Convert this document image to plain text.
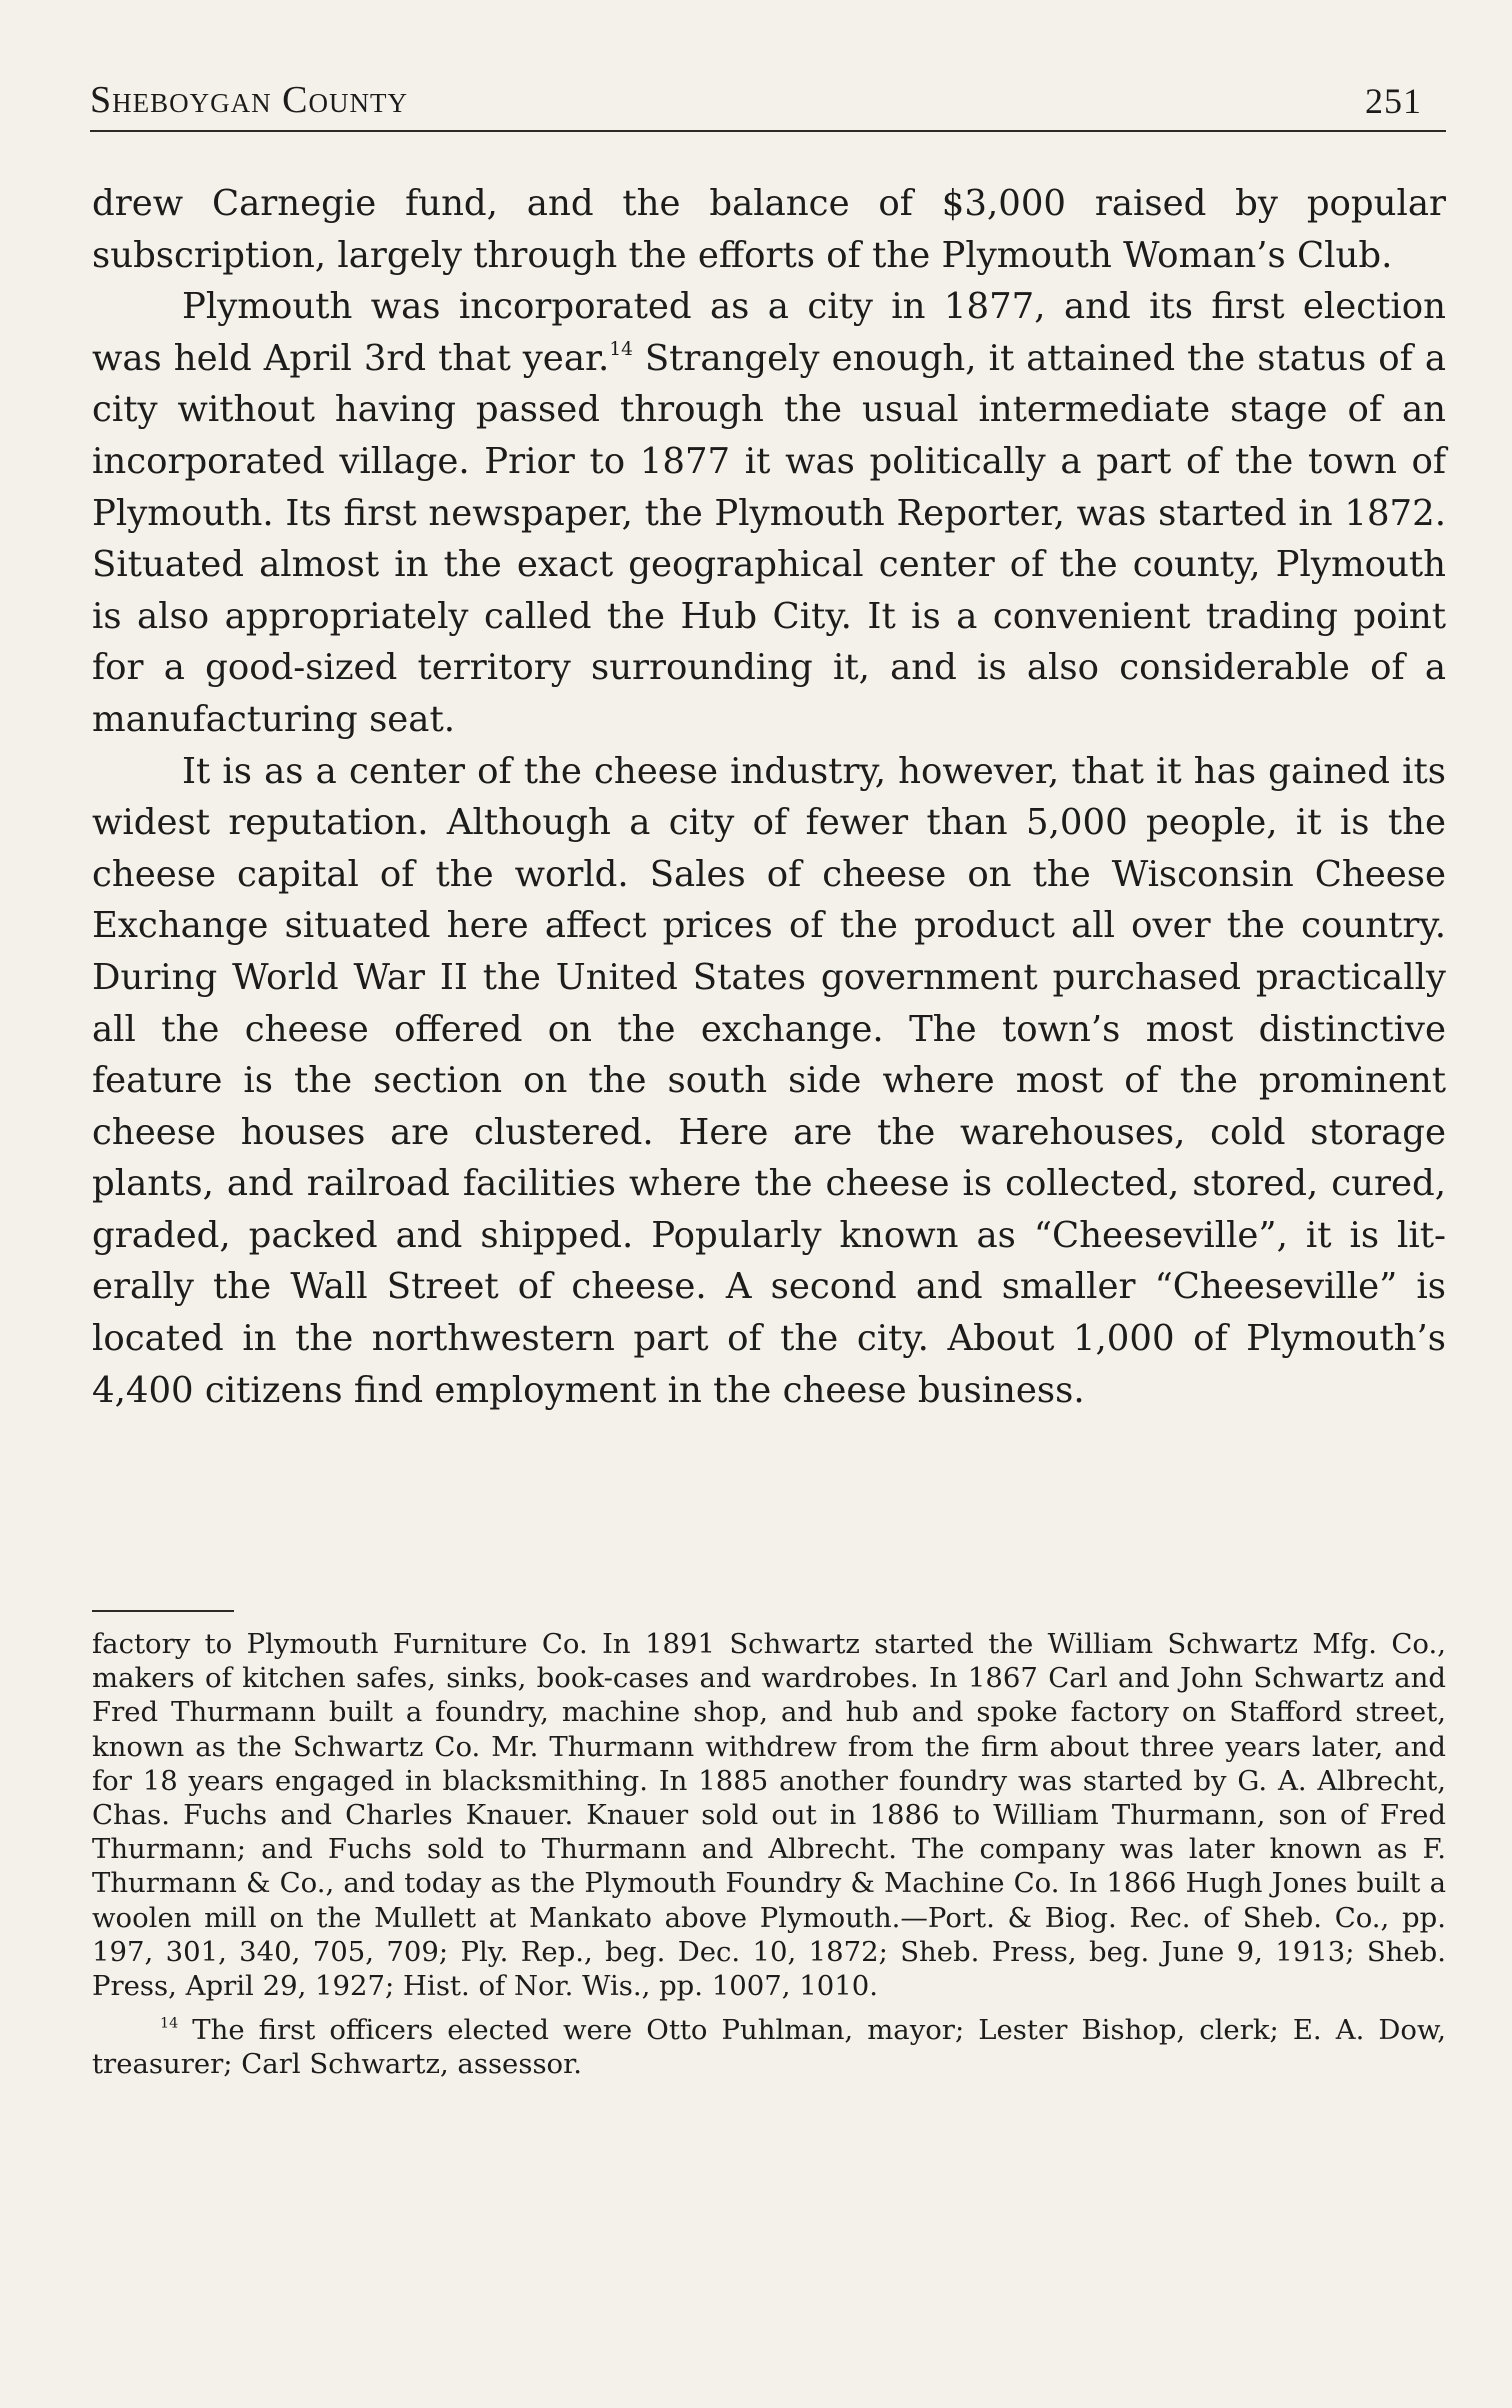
Sheboygan County	251

drew Carnegie fund, and the balance of $3,000 raised by popular subscription, largely through the efforts of the Plymouth Woman’s Club.

Plymouth was incorporated as a city in 1877, and its first election was held April 3rd that year.$^{14}$ Strangely enough, it attained the status of a city without having passed through the usual intermediate stage of an incorporated village. Prior to 1877 it was politically a part of the town of Plymouth. Its first newspaper, the Plymouth Reporter, was started in 1872. Situated almost in the exact geographical center of the county, Plymouth is also appropriately called the Hub City. It is a convenient trading point for a good-sized territory surrounding it, and is also considerable of a manufacturing seat.

It is as a center of the cheese industry, however, that it has gained its widest reputation. Although a city of fewer than 5,000 people, it is the cheese capital of the world. Sales of cheese on the Wisconsin Cheese Exchange situated here affect prices of the product all over the country. During World War II the United States government purchased practically all the cheese offered on the exchange. The town’s most distinctive feature is the section on the south side where most of the prominent cheese houses are clustered. Here are the warehouses, cold storage plants, and railroad facilities where the cheese is collected, stored, cured, graded, packed and shipped. Popularly known as “Cheeseville”, it is literally the Wall Street of cheese. A second and smaller “Cheeseville” is located in the northwestern part of the city. About 1,000 of Plymouth’s 4,400 citizens find employment in the cheese business.

factory to Plymouth Furniture Co. In 1891 Schwartz started the William Schwartz Mfg. Co., makers of kitchen safes, sinks, book-cases and wardrobes. In 1867 Carl and John Schwartz and Fred Thurmann built a foundry, machine shop, and hub and spoke factory on Stafford street, known as the Schwartz Co. Mr. Thurmann withdrew from the firm about three years later, and for 18 years engaged in blacksmithing. In 1885 another foundry was started by G. A. Albrecht, Chas. Fuchs and Charles Knauer. Knauer sold out in 1886 to William Thurmann, son of Fred Thurmann; and Fuchs sold to Thurmann and Albrecht. The company was later known as F. Thurmann & Co., and today as the Plymouth Foundry & Machine Co. In 1866 Hugh Jones built a woolen mill on the Mullett at Mankato above Plymouth.—Port. & Biog. Rec. of Sheb. Co., pp. 197, 301, 340, 705, 709; Ply. Rep., beg. Dec. 10, 1872; Sheb. Press, beg. June 9, 1913; Sheb. Press, April 29, 1927; Hist. of Nor. Wis., pp. 1007, 1010.

$^{14}$ The first officers elected were Otto Puhlman, mayor; Lester Bishop, clerk; E. A. Dow, treasurer; Carl Schwartz, assessor.
